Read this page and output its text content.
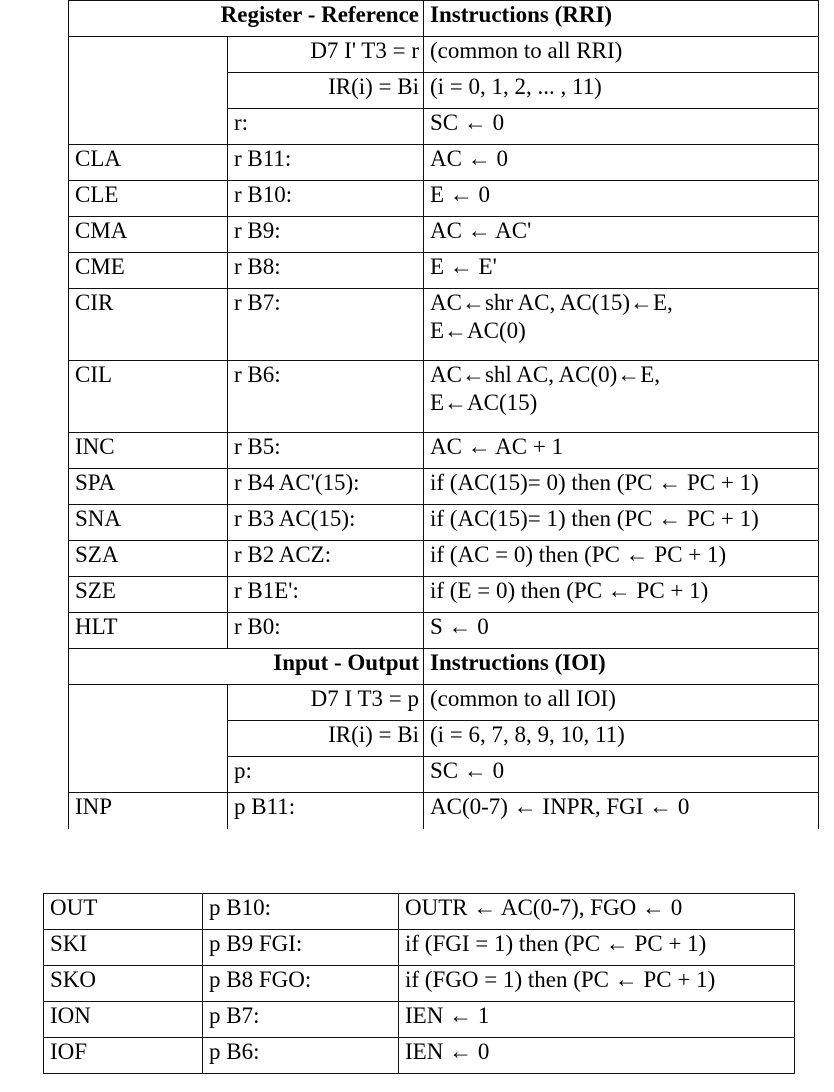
Register - Reference		Instructions (RRI)
	D7 I' T3 = r	(common to all RRI)
	IR(i) = Bi	(i = 0, 1, 2, ... , 11)
	r:	SC ← 0
CLA	r B11:	AC ← 0
CLE	r B10:	E ← 0
CMA	r B9:	AC ← AC'
CME	r B8:	E ← E'
CIR	r B7:	AC←shr AC, AC(15)←E,
E←AC(0)

CIL	r B6:	AC←shl AC, AC(0)←E,
E←AC(15)

INC	r B5:	AC ← AC + 1
SPA	r B4 AC'(15):	if (AC(15)= 0) then (PC ← PC + 1)
SNA	r B3 AC(15):	if (AC(15)= 1) then (PC ← PC + 1)
SZA	r B2 ACZ:	if (AC = 0) then (PC ← PC + 1)
SZE	r B1E':	if (E = 0) then (PC ← PC + 1)
HLT	r B0:	S ← 0
Input - Output		Instructions (IOI)
	D7 I T3 = p	(common to all IOI)
	IR(i) = Bi	(i = 6, 7, 8, 9, 10, 11)
	p:	SC ← 0
INP	p B11:	AC(0-7) ← INPR, FGI ← 0
OUT	p B10:	OUTR ← AC(0-7), FGO ← 0
SKI	p B9 FGI:	if (FGI = 1) then (PC ← PC + 1)
SKO	p B8 FGO:	if (FGO = 1) then (PC ← PC + 1)
ION	p B7:	IEN ← 1
IOF	p B6:	IEN ← 0
